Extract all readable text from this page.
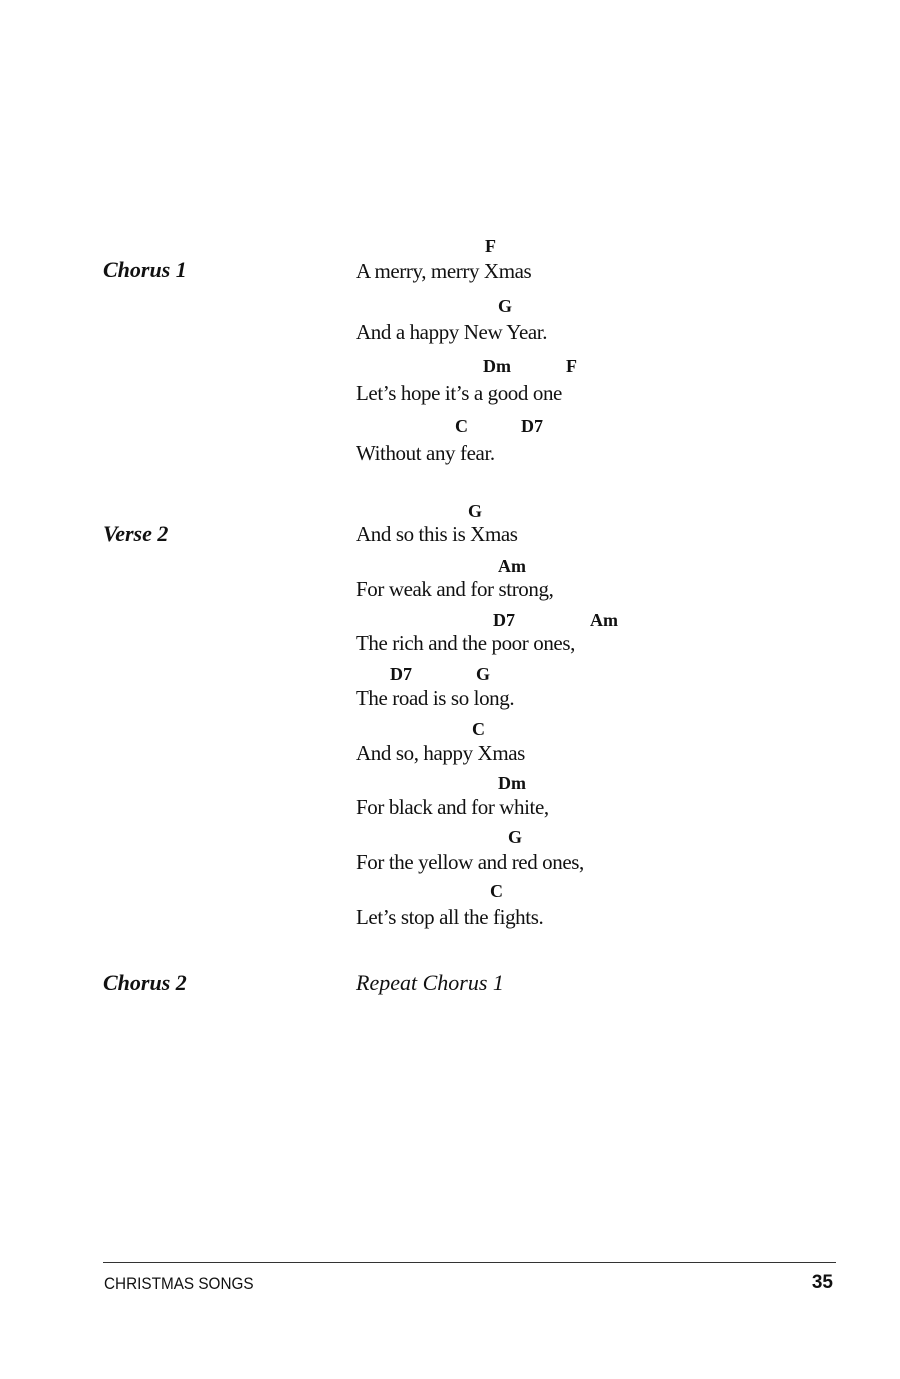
Chorus 1
F
A merry, merry Xmas
G
And a happy New Year.
Dm	F
Let’s hope it’s a good one
C	D7
Without any fear.
Verse 2
G
And so this is Xmas
Am
For weak and for strong,
D7	Am
The rich and the poor ones,
D7	G
The road is so long.
C
And so, happy Xmas
Dm
For black and for white,
G
For the yellow and red ones,
C
Let’s stop all the fights.
Chorus 2	Repeat Chorus 1
CHRISTMAS SONGS	35
